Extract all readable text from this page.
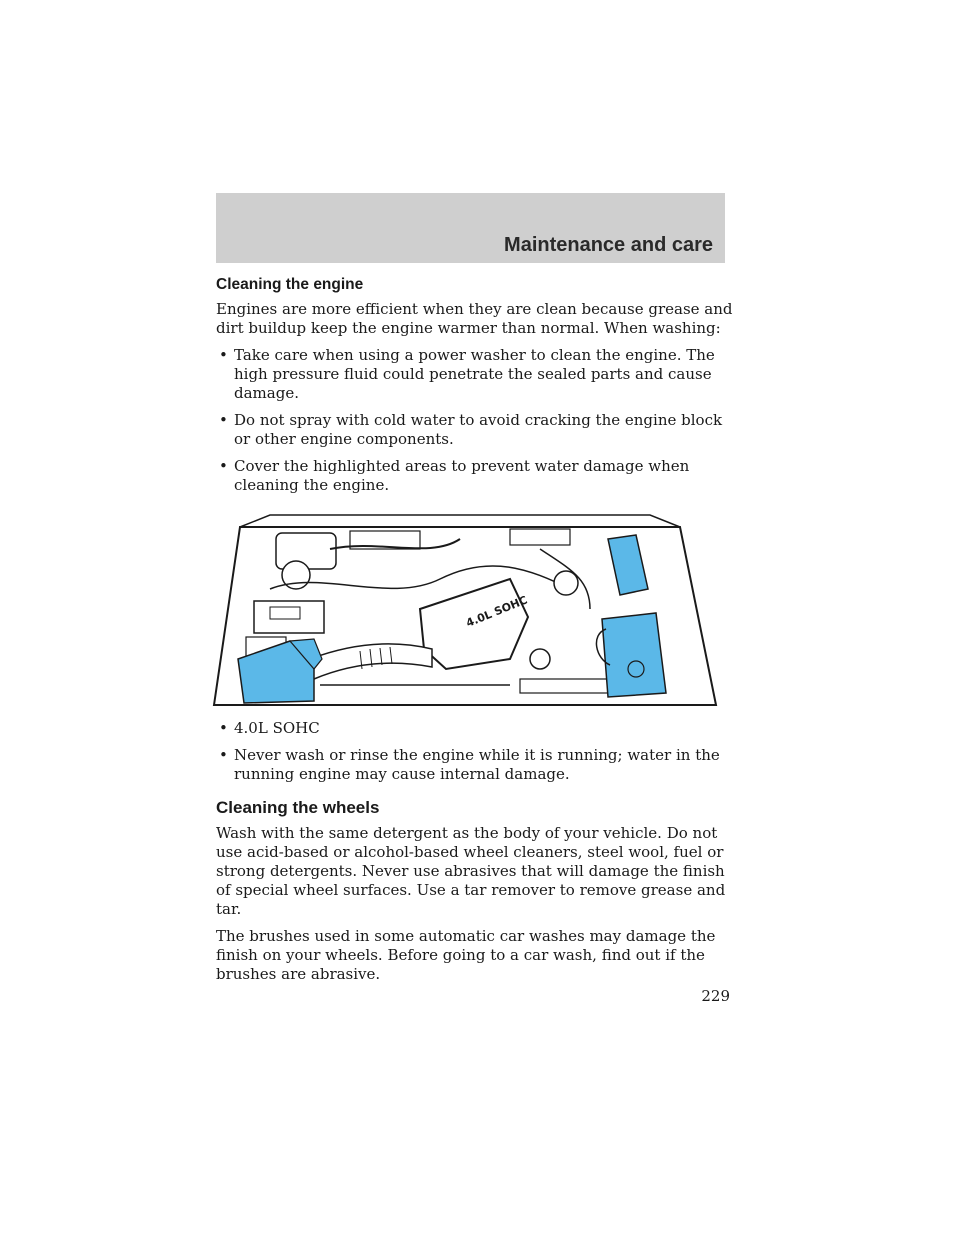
Maintenance and care
Cleaning the engine

Engines are more efficient when they are clean because grease and dirt buildup keep the engine warmer than normal. When washing:

• Take care when using a power washer to clean the engine. The high pressure fluid could penetrate the sealed parts and cause damage.
• Do not spray with cold water to avoid cracking the engine block or other engine components.
• Cover the highlighted areas to prevent water damage when cleaning the engine.
4.0L SOHC
• 4.0L SOHC
• Never wash or rinse the engine while it is running; water in the running engine may cause internal damage.
Cleaning the wheels

Wash with the same detergent as the body of your vehicle. Do not use acid-based or alcohol-based wheel cleaners, steel wool, fuel or strong detergents. Never use abrasives that will damage the finish of special wheel surfaces. Use a tar remover to remove grease and tar.

The brushes used in some automatic car washes may damage the finish on your wheels. Before going to a car wash, find out if the brushes are abrasive.

229
